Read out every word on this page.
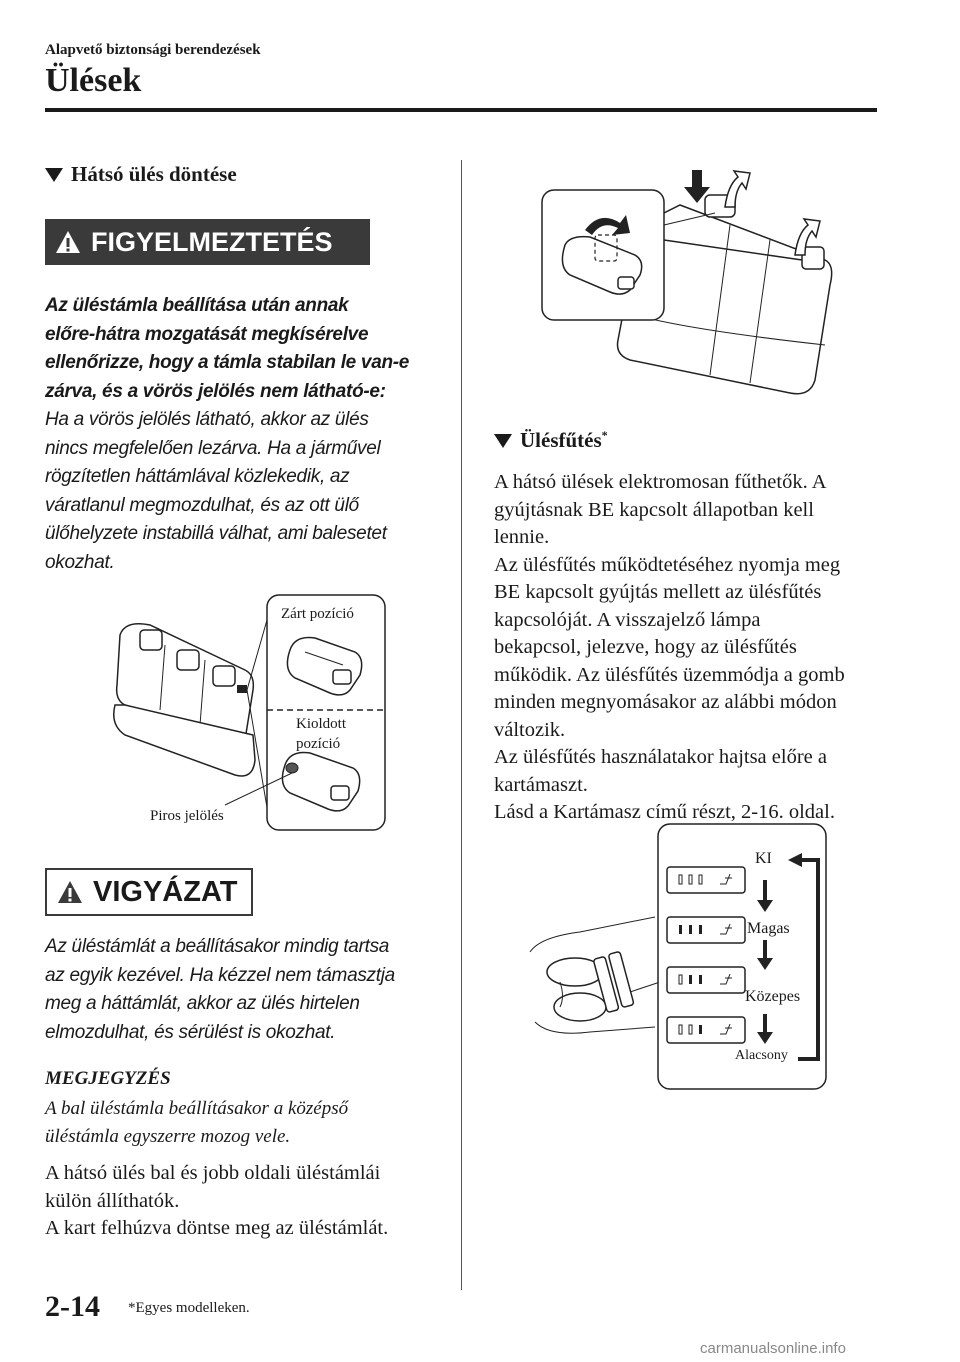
Alapvető biztonsági berendezések
Ülések
Hátsó ülés döntése
FIGYELMEZTETÉS
Az üléstámla beállítása után annak
előre-hátra mozgatását megkísérelve
ellenőrizze, hogy a támla stabilan le van-e
zárva, és a vörös jelölés nem látható-e:
Ha a vörös jelölés látható, akkor az ülés
nincs megfelelően lezárva. Ha a járművel
rögzítetlen háttámlával közlekedik, az
váratlanul megmozdulhat, és az ott ülő
ülőhelyzete instabillá válhat, ami balesetet
okozhat.
Zárt pozíció
Kioldott
pozíció
Piros jelölés
VIGYÁZAT
Az üléstámlát a beállításakor mindig tartsa
az egyik kezével. Ha kézzel nem támasztja
meg a háttámlát, akkor az ülés hirtelen
elmozdulhat, és sérülést is okozhat.
MEGJEGYZÉS
A bal üléstámla beállításakor a középső
üléstámla egyszerre mozog vele.
A hátsó ülés bal és jobb oldali üléstámlái
külön állíthatók.
A kart felhúzva döntse meg az üléstámlát.
Ülésfűtés*
A hátsó ülések elektromosan fűthetők. A
gyújtásnak BE kapcsolt állapotban kell
lennie.
Az ülésfűtés működtetéséhez nyomja meg
BE kapcsolt gyújtás mellett az ülésfűtés
kapcsolóját. A visszajelző lámpa
bekapcsol, jelezve, hogy az ülésfűtés
működik. Az ülésfűtés üzemmódja a gomb
minden megnyomásakor az alábbi módon
változik.
Az ülésfűtés használatakor hajtsa előre a
kartámaszt.
Lásd a Kartámasz című részt, 2-16. oldal.
KI
Magas
Közepes
Alacsony
2-14 *Egyes modelleken.
carmanualsonline.info
